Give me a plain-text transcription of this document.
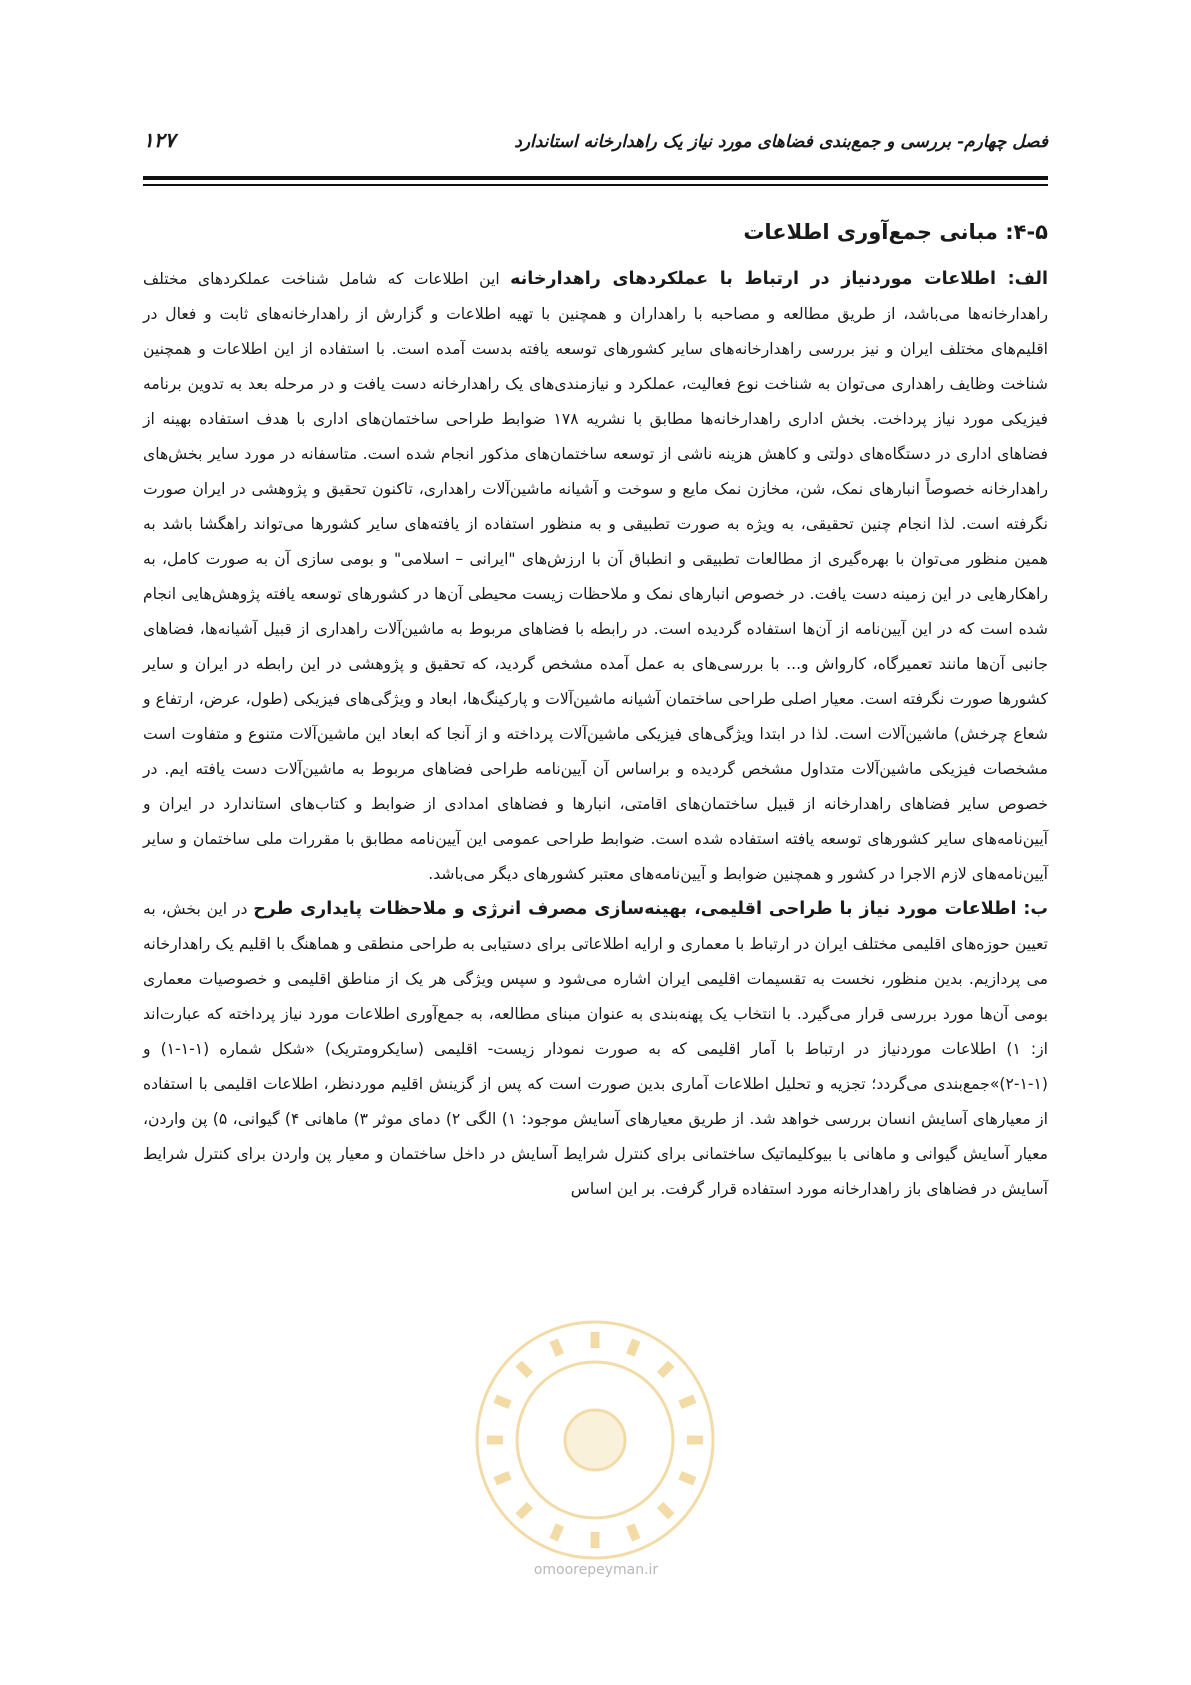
۱۲۷	فصل چهارم- بررسی و جمع‌بندی فضاهای مورد نیاز یک راهدارخانه استاندارد
۴-۵: مبانی جمع‌آوری اطلاعات

الف: اطلاعات موردنیاز در ارتباط با عملکردهای راهدارخانه این اطلاعات که شامل شناخت عملکردهای مختلف راهدارخانه‌ها می‌باشد، از طریق مطالعه و مصاحبه با راهداران و همچنین با تهیه اطلاعات و گزارش از راهدارخانه‌های ثابت و فعال در اقلیم‌های مختلف ایران و نیز بررسی راهدارخانه‌های سایر کشورهای توسعه یافته بدست آمده است. با استفاده از این اطلاعات و همچنین شناخت وظایف راهداری می‌توان به شناخت نوع فعالیت، عملکرد و نیازمندی‌های یک راهدارخانه دست یافت و در مرحله بعد به تدوین برنامه فیزیکی مورد نیاز پرداخت. بخش اداری راهدارخانه‌ها مطابق با نشریه ۱۷۸ ضوابط طراحی ساختمان‌های اداری با هدف استفاده بهینه از فضاهای اداری در دستگاه‌های دولتی و کاهش هزینه ناشی از توسعه ساختمان‌های مذکور انجام شده است. متاسفانه در مورد سایر بخش‌های راهدارخانه خصوصاً انبارهای نمک، شن، مخازن نمک مایع و سوخت و آشیانه ماشین‌آلات راهداری، تاکنون تحقیق و پژوهشی در ایران صورت نگرفته است. لذا انجام چنین تحقیقی، به ویژه به صورت تطبیقی و به منظور استفاده از یافته‌های سایر کشورها می‌تواند راهگشا باشد به همین منظور می‌توان با بهره‌گیری از مطالعات تطبیقی و انطباق آن با ارزش‌های "ایرانی – اسلامی" و بومی سازی آن به صورت کامل، به راهکارهایی در این زمینه دست یافت. در خصوص انبارهای نمک و ملاحظات زیست محیطی آن‌ها در کشورهای توسعه یافته پژوهش‌هایی انجام شده است که در این آیین‌نامه از آن‌ها استفاده گردیده است. در رابطه با فضاهای مربوط به ماشین‌آلات راهداری از قبیل آشیانه‌ها، فضاهای جانبی آن‌ها مانند تعمیرگاه، کارواش و... با بررسی‌های به عمل آمده مشخص گردید، که تحقیق و پژوهشی در این رابطه در ایران و سایر کشورها صورت نگرفته است. معیار اصلی طراحی ساختمان آشیانه ماشین‌آلات و پارکینگ‌ها، ابعاد و ویژگی‌های فیزیکی (طول، عرض، ارتفاع و شعاع چرخش) ماشین‌آلات است. لذا در ابتدا ویژگی‌های فیزیکی ماشین‌آلات پرداخته و از آنجا که ابعاد این ماشین‌آلات متنوع و متفاوت است مشخصات فیزیکی ماشین‌آلات متداول مشخص گردیده و براساس آن آیین‌نامه طراحی فضاهای مربوط به ماشین‌آلات دست یافته ایم. در خصوص سایر فضاهای راهدارخانه از قبیل ساختمان‌های اقامتی، انبارها و فضاهای امدادی از ضوابط و کتاب‌های استاندارد در ایران و آیین‌نامه‌های سایر کشورهای توسعه یافته استفاده شده است. ضوابط طراحی عمومی این آیین‌نامه مطابق با مقررات ملی ساختمان و سایر آیین‌نامه‌های لازم الاجرا در کشور و همچنین ضوابط و آیین‌نامه‌های معتبر کشورهای دیگر می‌باشد.

ب: اطلاعات مورد نیاز با طراحی اقلیمی، بهینه‌سازی مصرف انرژی و ملاحظات پایداری طرح در این بخش، به تعیین حوزه‌های اقلیمی مختلف ایران در ارتباط با معماری و ارایه اطلاعاتی برای دستیابی به طراحی منطقی و هماهنگ با اقلیم یک راهدارخانه می پردازیم. بدین منظور، نخست به تقسیمات اقلیمی ایران اشاره می‌شود و سپس ویژگی هر یک از مناطق اقلیمی و خصوصیات معماری بومی آن‌ها مورد بررسی قرار می‌گیرد. با انتخاب یک پهنه‌بندی به عنوان مبنای مطالعه، به جمع‌آوری اطلاعات مورد نیاز پرداخته که عبارت‌اند از: ۱) اطلاعات موردنیاز در ارتباط با آمار اقلیمی که به صورت نمودار زیست- اقلیمی (سایکرومتریک) «شکل شماره (۱-۱-۱) و (۱-۱-۲)»جمع‌بندی می‌گردد؛ تجزیه و تحلیل اطلاعات آماری بدین صورت است که پس از گزینش اقلیم موردنظر، اطلاعات اقلیمی با استفاده از معیارهای آسایش انسان بررسی خواهد شد. از طریق معیارهای آسایش موجود: ۱) الگی ۲) دمای موثر ۳) ماهانی ۴) گیوانی، ۵) پن واردن، معیار آسایش گیوانی و ماهانی با بیوکلیماتیک ساختمانی برای کنترل شرایط آسایش در داخل ساختمان و معیار پن واردن برای کنترل شرایط آسایش در فضاهای باز راهدارخانه مورد استفاده قرار گرفت. بر این اساس

omoorepeyman.ir
